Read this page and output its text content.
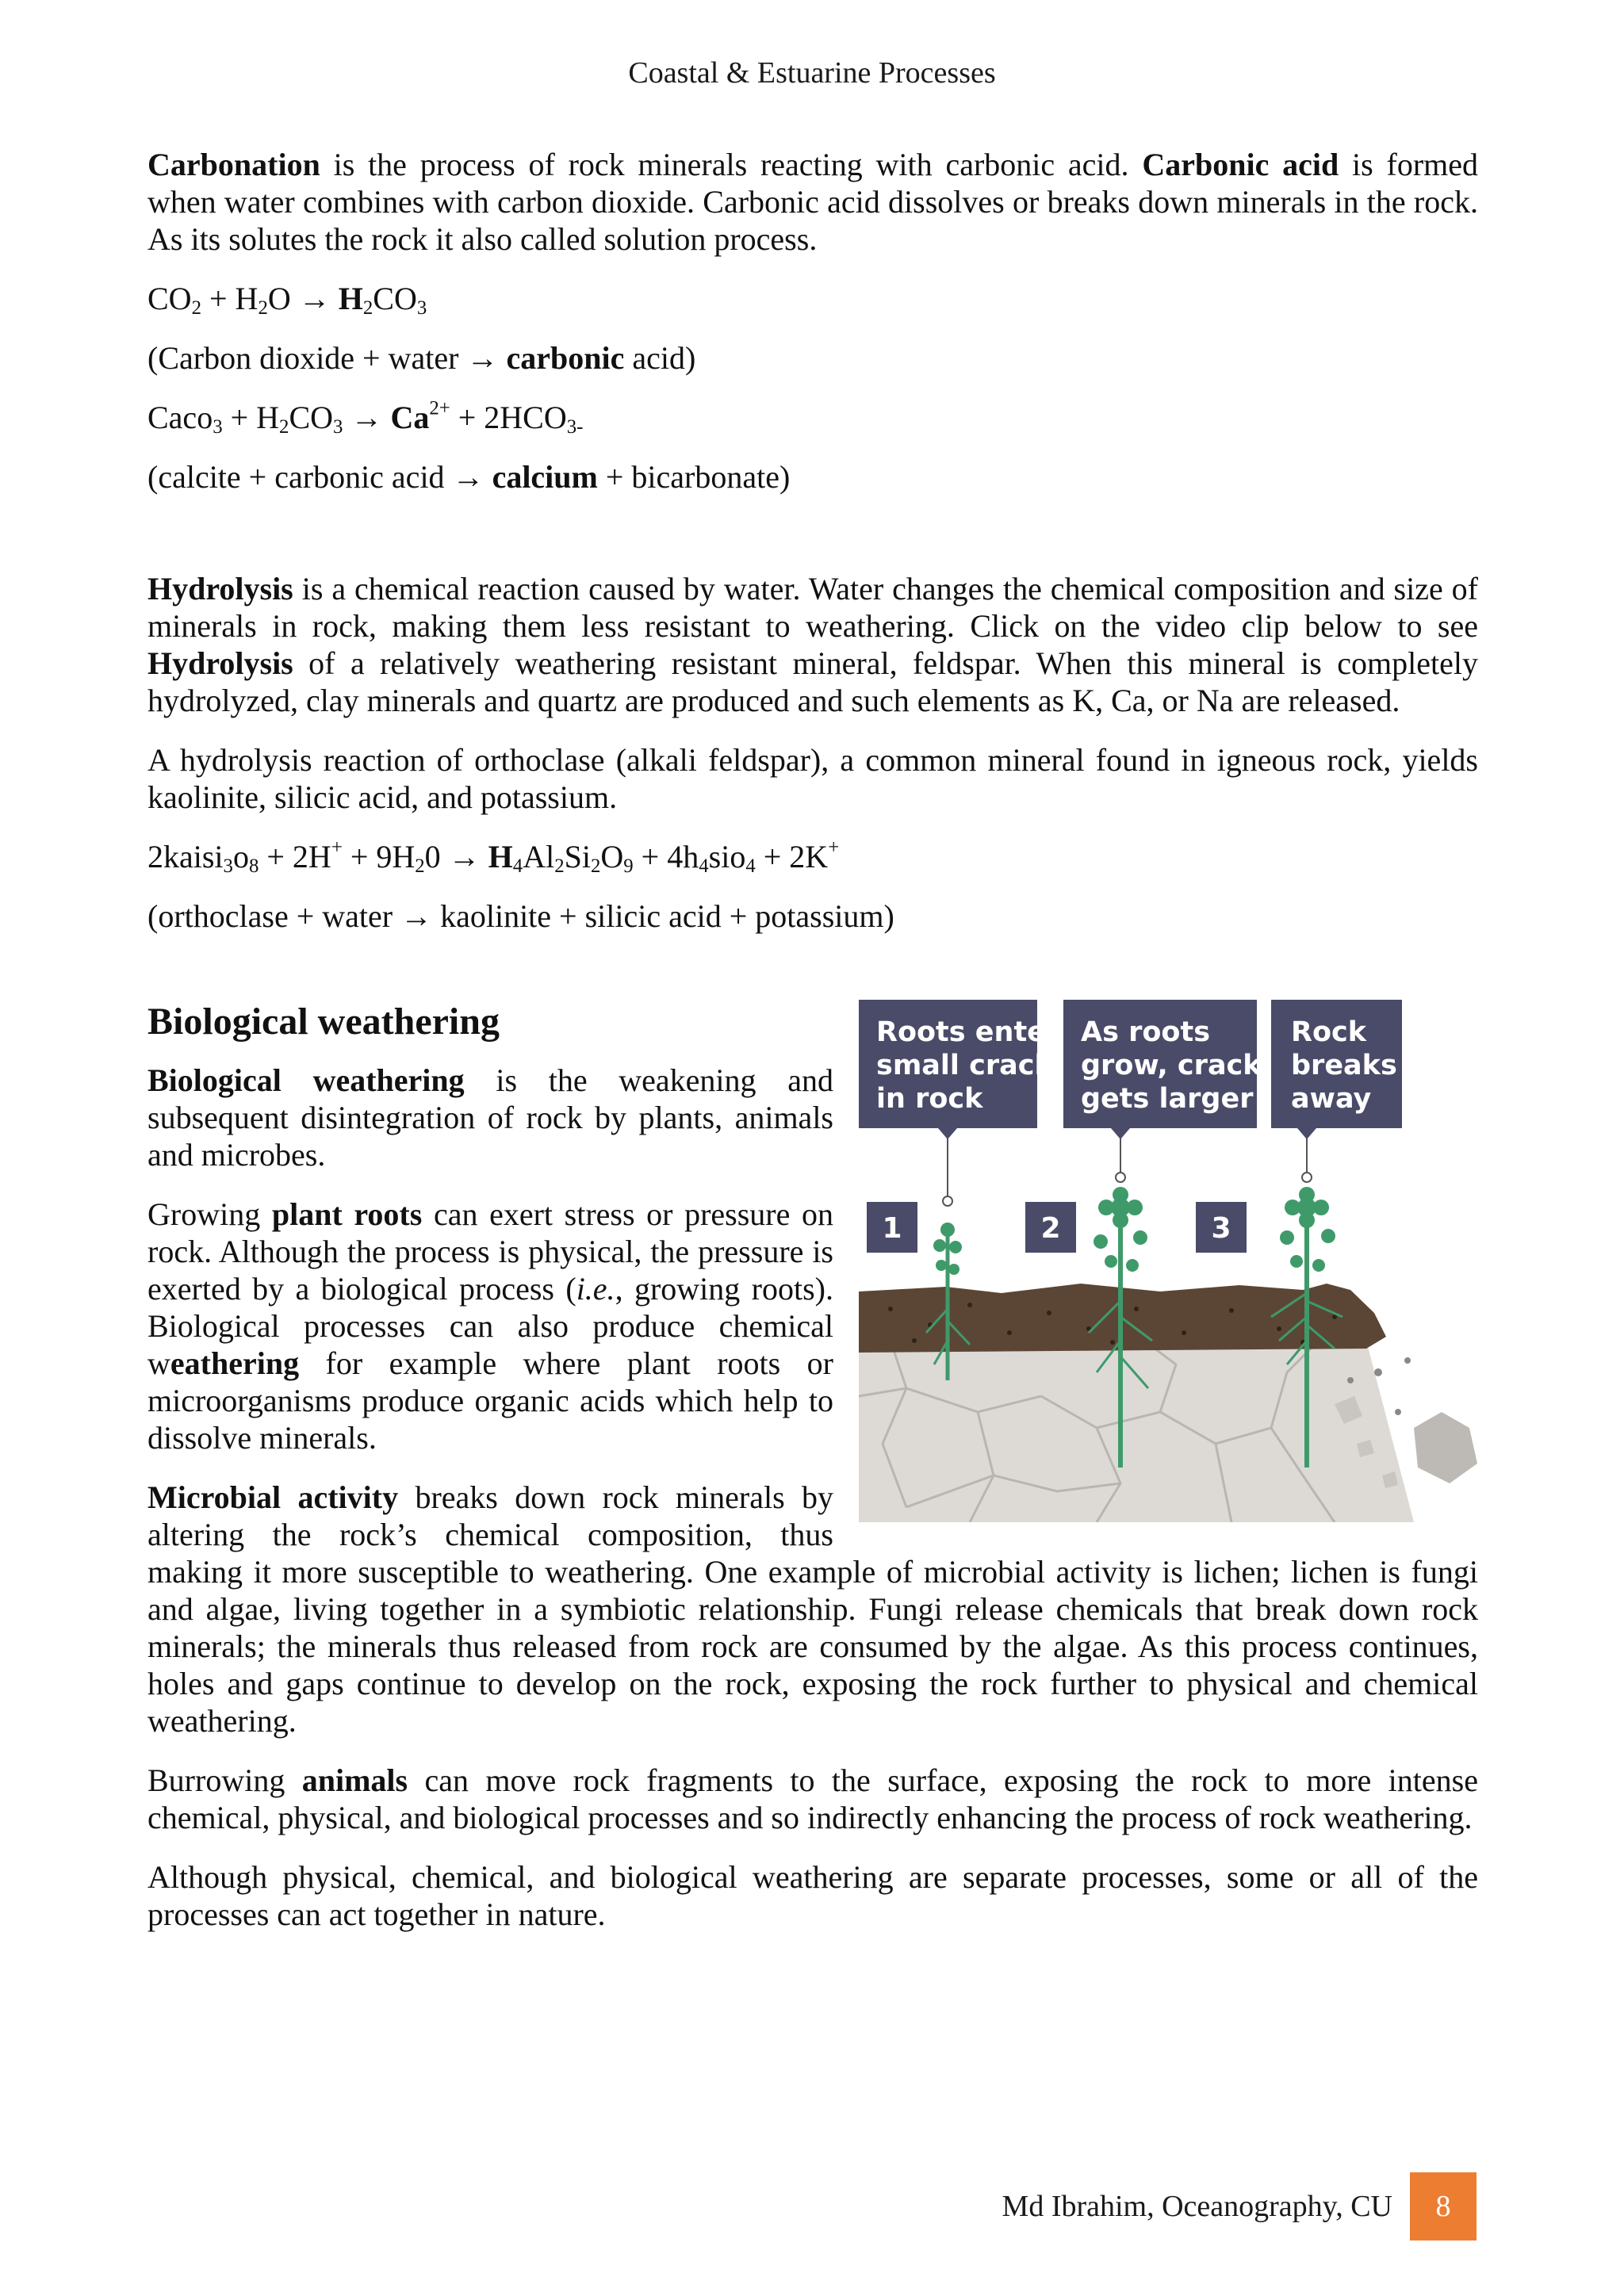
Coastal & Estuarine Processes

Carbonation is the process of rock minerals reacting with carbonic acid. Carbonic acid is formed when water combines with carbon dioxide. Carbonic acid dissolves or breaks down minerals in the rock. As its solutes the rock it also called solution process.

$CO_2 + H_2O \to H_2CO_3$

(Carbon dioxide + water → carbonic acid)

Caco$_3$ + $H_2CO_3 \to Ca^{2+} + 2HCO_{3-}$

(calcite + carbonic acid → calcium + bicarbonate)

Hydrolysis is a chemical reaction caused by water. Water changes the chemical composition and size of minerals in rock, making them less resistant to weathering. Click on the video clip below to see Hydrolysis of a relatively weathering resistant mineral, feldspar. When this mineral is completely hydrolyzed, clay minerals and quartz are produced and such elements as K, Ca, or Na are released.

A hydrolysis reaction of orthoclase (alkali feldspar), a common mineral found in igneous rock, yields kaolinite, silicic acid, and potassium.

$2kaisi_3o_8 + 2H^+ + 9H_20 \to H_4Al_2Si_2O_9 + 4h_4sio_4 + 2K^+$

(orthoclase + water → kaolinite + silicic acid + potassium)

Roots enter
small crack
in rock
As roots
grow, crack
gets larger
Rock
breaks
away
1	2	3
Biological weathering

Biological weathering is the weakening and subsequent disintegration of rock by plants, animals and microbes.

Growing plant roots can exert stress or pressure on rock. Although the process is physical, the pressure is exerted by a biological process (i.e., growing roots). Biological processes can also produce chemical weathering for example where plant roots or microorganisms produce organic acids which help to dissolve minerals.

Microbial activity breaks down rock minerals by altering the rock’s chemical composition, thus making it more susceptible to weathering. One example of microbial activity is lichen; lichen is fungi and algae, living together in a symbiotic relationship. Fungi release chemicals that break down rock minerals; the minerals thus released from rock are consumed by the algae. As this process continues, holes and gaps continue to develop on the rock, exposing the rock further to physical and chemical weathering.

Burrowing animals can move rock fragments to the surface, exposing the rock to more intense chemical, physical, and biological processes and so indirectly enhancing the process of rock weathering.

Although physical, chemical, and biological weathering are separate processes, some or all of the processes can act together in nature.

Md Ibrahim, Oceanography, CU	8
